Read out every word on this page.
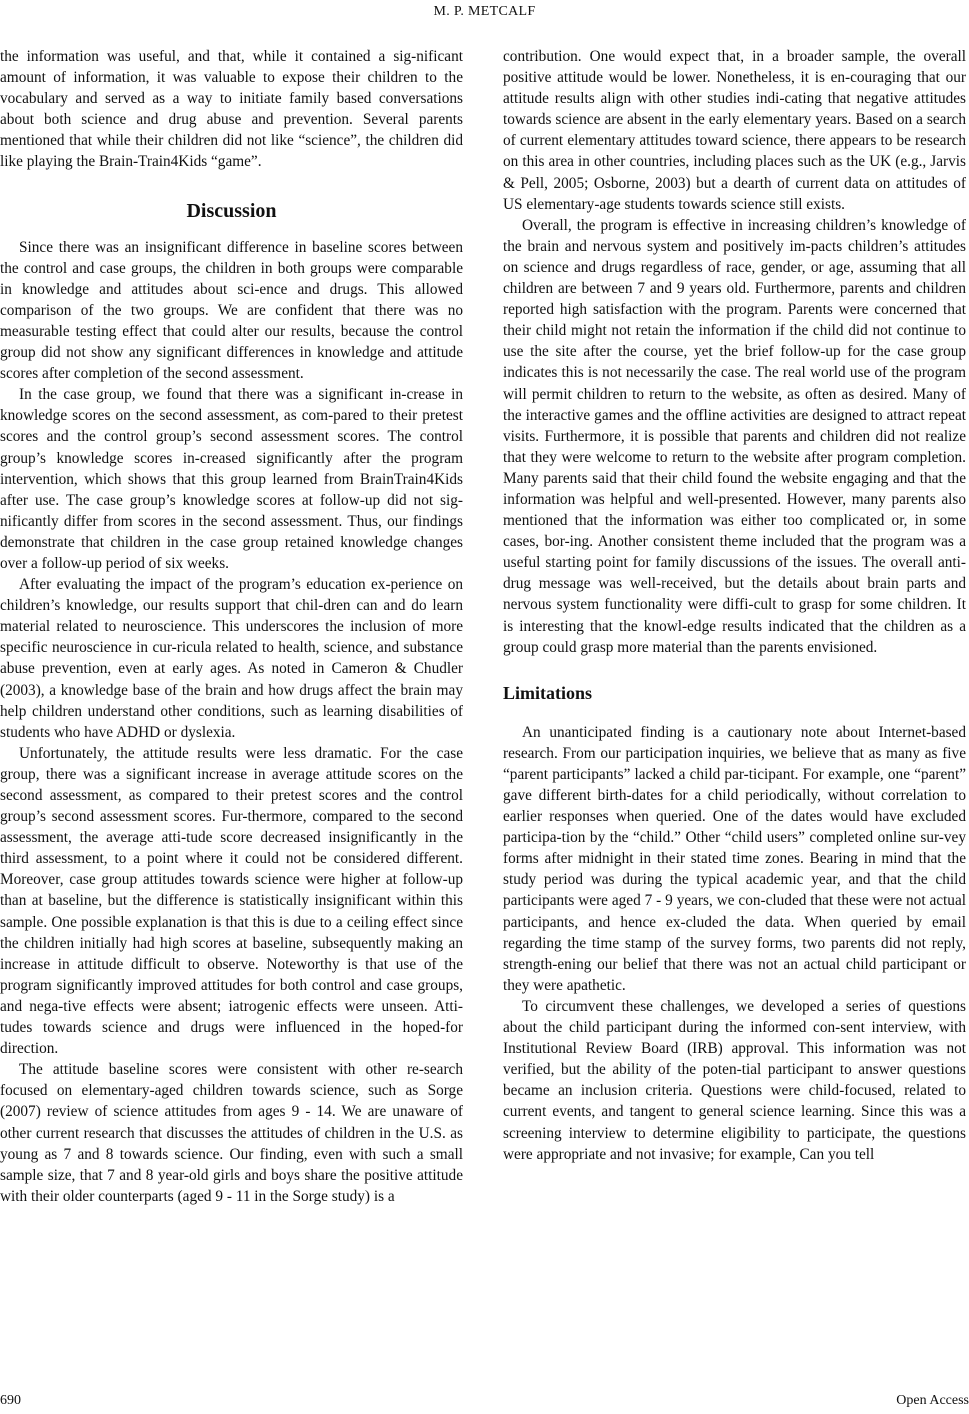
M. P. METCALF

the information was useful, and that, while it contained a sig-nificant amount of information, it was valuable to expose their children to the vocabulary and served as a way to initiate family based conversations about both science and drug abuse and prevention. Several parents mentioned that while their children did not like “science”, the children did like playing the Brain-Train4Kids “game”.

Discussion

Since there was an insignificant difference in baseline scores between the control and case groups, the children in both groups were comparable in knowledge and attitudes about sci-ence and drugs. This allowed comparison of the two groups. We are confident that there was no measurable testing effect that could alter our results, because the control group did not show any significant differences in knowledge and attitude scores after completion of the second assessment.

In the case group, we found that there was a significant in-crease in knowledge scores on the second assessment, as com-pared to their pretest scores and the control group’s second assessment scores. The control group’s knowledge scores in-creased significantly after the program intervention, which shows that this group learned from BrainTrain4Kids after use. The case group’s knowledge scores at follow-up did not sig-nificantly differ from scores in the second assessment. Thus, our findings demonstrate that children in the case group retained knowledge changes over a follow-up period of six weeks.

After evaluating the impact of the program’s education ex-perience on children’s knowledge, our results support that chil-dren can and do learn material related to neuroscience. This underscores the inclusion of more specific neuroscience in cur-ricula related to health, science, and substance abuse prevention, even at early ages. As noted in Cameron & Chudler (2003), a knowledge base of the brain and how drugs affect the brain may help children understand other conditions, such as learning disabilities of students who have ADHD or dyslexia.

Unfortunately, the attitude results were less dramatic. For the case group, there was a significant increase in average attitude scores on the second assessment, as compared to their pretest scores and the control group’s second assessment scores. Fur-thermore, compared to the second assessment, the average atti-tude score decreased insignificantly in the third assessment, to a point where it could not be considered different. Moreover, case group attitudes towards science were higher at follow-up than at baseline, but the difference is statistically insignificant within this sample. One possible explanation is that this is due to a ceiling effect since the children initially had high scores at baseline, subsequently making an increase in attitude difficult to observe. Noteworthy is that use of the program significantly improved attitudes for both control and case groups, and nega-tive effects were absent; iatrogenic effects were unseen. Atti-tudes towards science and drugs were influenced in the hoped-for direction.

The attitude baseline scores were consistent with other re-search focused on elementary-aged children towards science, such as Sorge (2007) review of science attitudes from ages 9 - 14. We are unaware of other current research that discusses the attitudes of children in the U.S. as young as 7 and 8 towards science. Our finding, even with such a small sample size, that 7 and 8 year-old girls and boys share the positive attitude with their older counterparts (aged 9 - 11 in the Sorge study) is a

contribution. One would expect that, in a broader sample, the overall positive attitude would be lower. Nonetheless, it is en-couraging that our attitude results align with other studies indi-cating that negative attitudes towards science are absent in the early elementary years. Based on a search of current elementary attitudes toward science, there appears to be research on this area in other countries, including places such as the UK (e.g., Jarvis & Pell, 2005; Osborne, 2003) but a dearth of current data on attitudes of US elementary-age students towards science still exists.

Overall, the program is effective in increasing children’s knowledge of the brain and nervous system and positively im-pacts children’s attitudes on science and drugs regardless of race, gender, or age, assuming that all children are between 7 and 9 years old. Furthermore, parents and children reported high satisfaction with the program. Parents were concerned that their child might not retain the information if the child did not continue to use the site after the course, yet the brief follow-up for the case group indicates this is not necessarily the case. The real world use of the program will permit children to return to the website, as often as desired. Many of the interactive games and the offline activities are designed to attract repeat visits. Furthermore, it is possible that parents and children did not realize that they were welcome to return to the website after program completion. Many parents said that their child found the website engaging and that the information was helpful and well-presented. However, many parents also mentioned that the information was either too complicated or, in some cases, bor-ing. Another consistent theme included that the program was a useful starting point for family discussions of the issues. The overall anti-drug message was well-received, but the details about brain parts and nervous system functionality were diffi-cult to grasp for some children. It is interesting that the knowl-edge results indicated that the children as a group could grasp more material than the parents envisioned.

Limitations

An unanticipated finding is a cautionary note about Internet-based research. From our participation inquiries, we believe that as many as five “parent participants” lacked a child par-ticipant. For example, one “parent” gave different birth-dates for a child periodically, without correlation to earlier responses when queried. One of the dates would have excluded participa-tion by the “child.” Other “child users” completed online sur-vey forms after midnight in their stated time zones. Bearing in mind that the study period was during the typical academic year, and that the child participants were aged 7 - 9 years, we con-cluded that these were not actual participants, and hence ex-cluded the data. When queried by email regarding the time stamp of the survey forms, two parents did not reply, strength-ening our belief that there was not an actual child participant or they were apathetic.

To circumvent these challenges, we developed a series of questions about the child participant during the informed con-sent interview, with Institutional Review Board (IRB) approval. This information was not verified, but the ability of the poten-tial participant to answer questions became an inclusion criteria. Questions were child-focused, related to current events, and tangent to general science learning. Since this was a screening interview to determine eligibility to participate, the questions were appropriate and not invasive; for example, Can you tell

690	Open Access
